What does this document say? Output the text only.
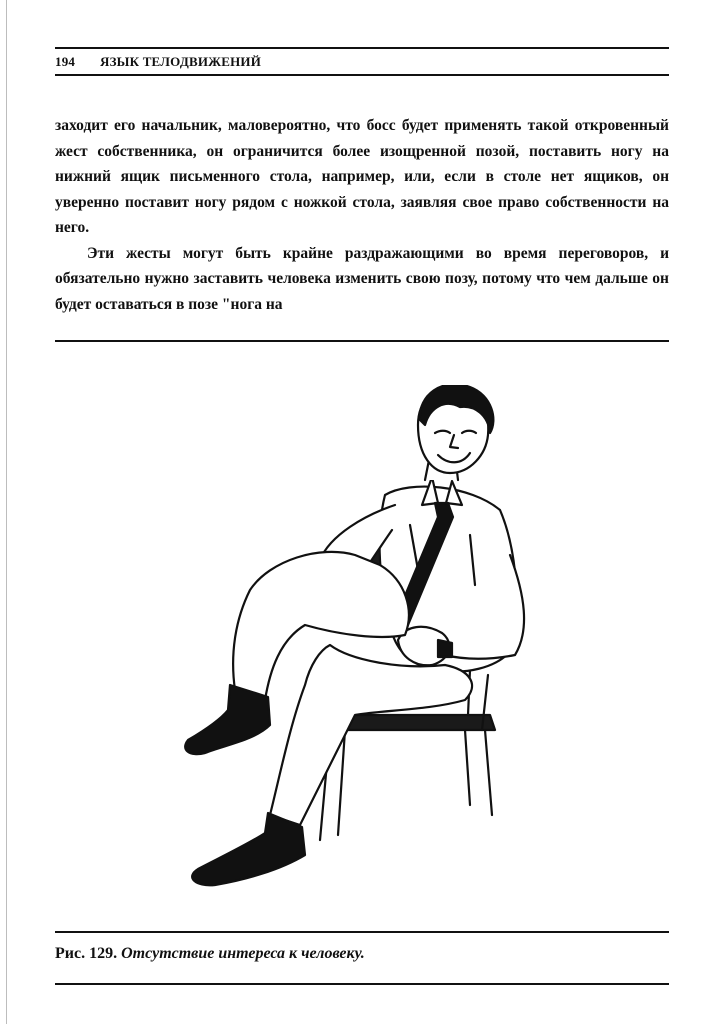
194 ЯЗЫК ТЕЛОДВИЖЕНИЙ

заходит его начальник, маловероятно, что босс будет применять такой откровенный жест собственника, он ограничится более изощренной позой, поставить ногу на нижний ящик письменного стола, например, или, если в столе нет ящиков, он уверенно поставит ногу рядом с ножкой стола, заявляя свое право собственности на него.

Эти жесты могут быть крайне раздражающими во время переговоров, и обязательно нужно заставить человека изменить свою позу, потому что чем дальше он будет оставаться в позе "нога на

Рис. 129. Отсутствие интереса к человеку.
